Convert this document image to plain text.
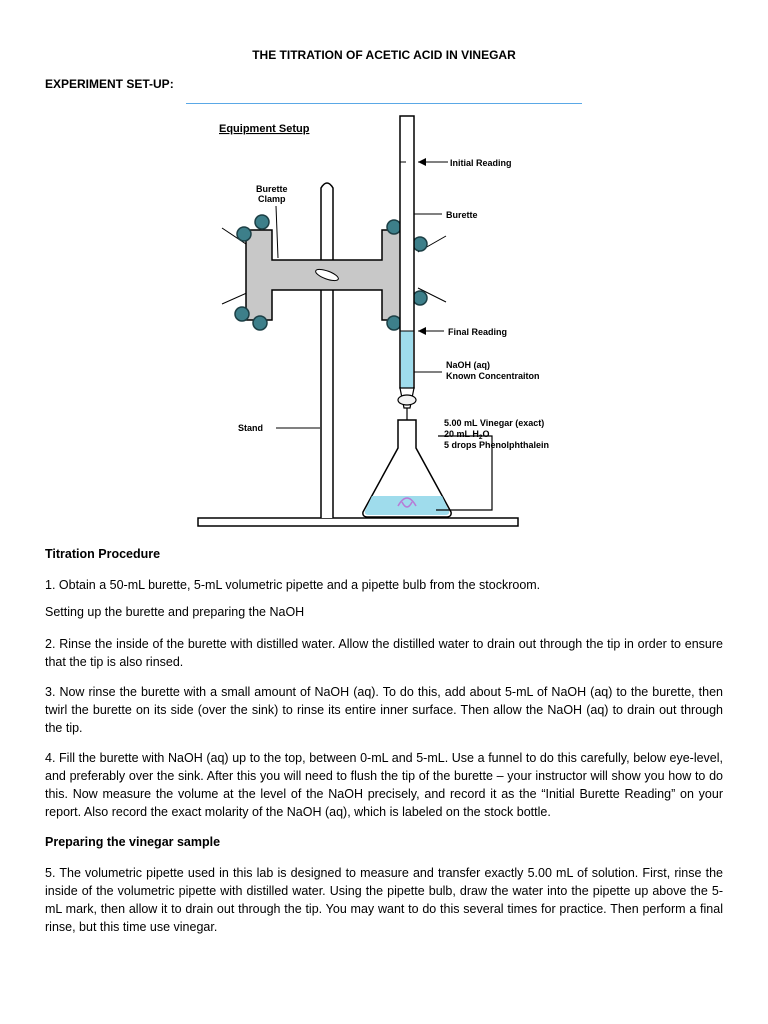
THE TITRATION OF ACETIC ACID IN VINEGAR
EXPERIMENT SET-UP:
Equipment Setup
Burette
Clamp
Initial Reading
Burette
Final Reading
NaOH (aq)
Known Concentraiton
Stand	5.00 mL Vinegar (exact)
20 mL $H_2O$
5 drops Phenolphthalein
Titration Procedure
1. Obtain a 50-mL burette, 5-mL volumetric pipette and a pipette bulb from the stockroom.
Setting up the burette and preparing the NaOH
2. Rinse the inside of the burette with distilled water. Allow the distilled water to drain out through the tip in order to ensure that the tip is also rinsed.
3. Now rinse the burette with a small amount of NaOH (aq). To do this, add about 5-mL of NaOH (aq) to the burette, then twirl the burette on its side (over the sink) to rinse its entire inner surface. Then allow the NaOH (aq) to drain out through the tip.
4. Fill the burette with NaOH (aq) up to the top, between 0-mL and 5-mL. Use a funnel to do this carefully, below eye-level, and preferably over the sink. After this you will need to flush the tip of the burette – your instructor will show you how to do this. Now measure the volume at the level of the NaOH precisely, and record it as the “Initial Burette Reading” on your report. Also record the exact molarity of the NaOH (aq), which is labeled on the stock bottle.
Preparing the vinegar sample
5. The volumetric pipette used in this lab is designed to measure and transfer exactly 5.00 mL of solution. First, rinse the inside of the volumetric pipette with distilled water. Using the pipette bulb, draw the water into the pipette up above the 5-mL mark, then allow it to drain out through the tip. You may want to do this several times for practice. Then perform a final rinse, but this time use vinegar.
